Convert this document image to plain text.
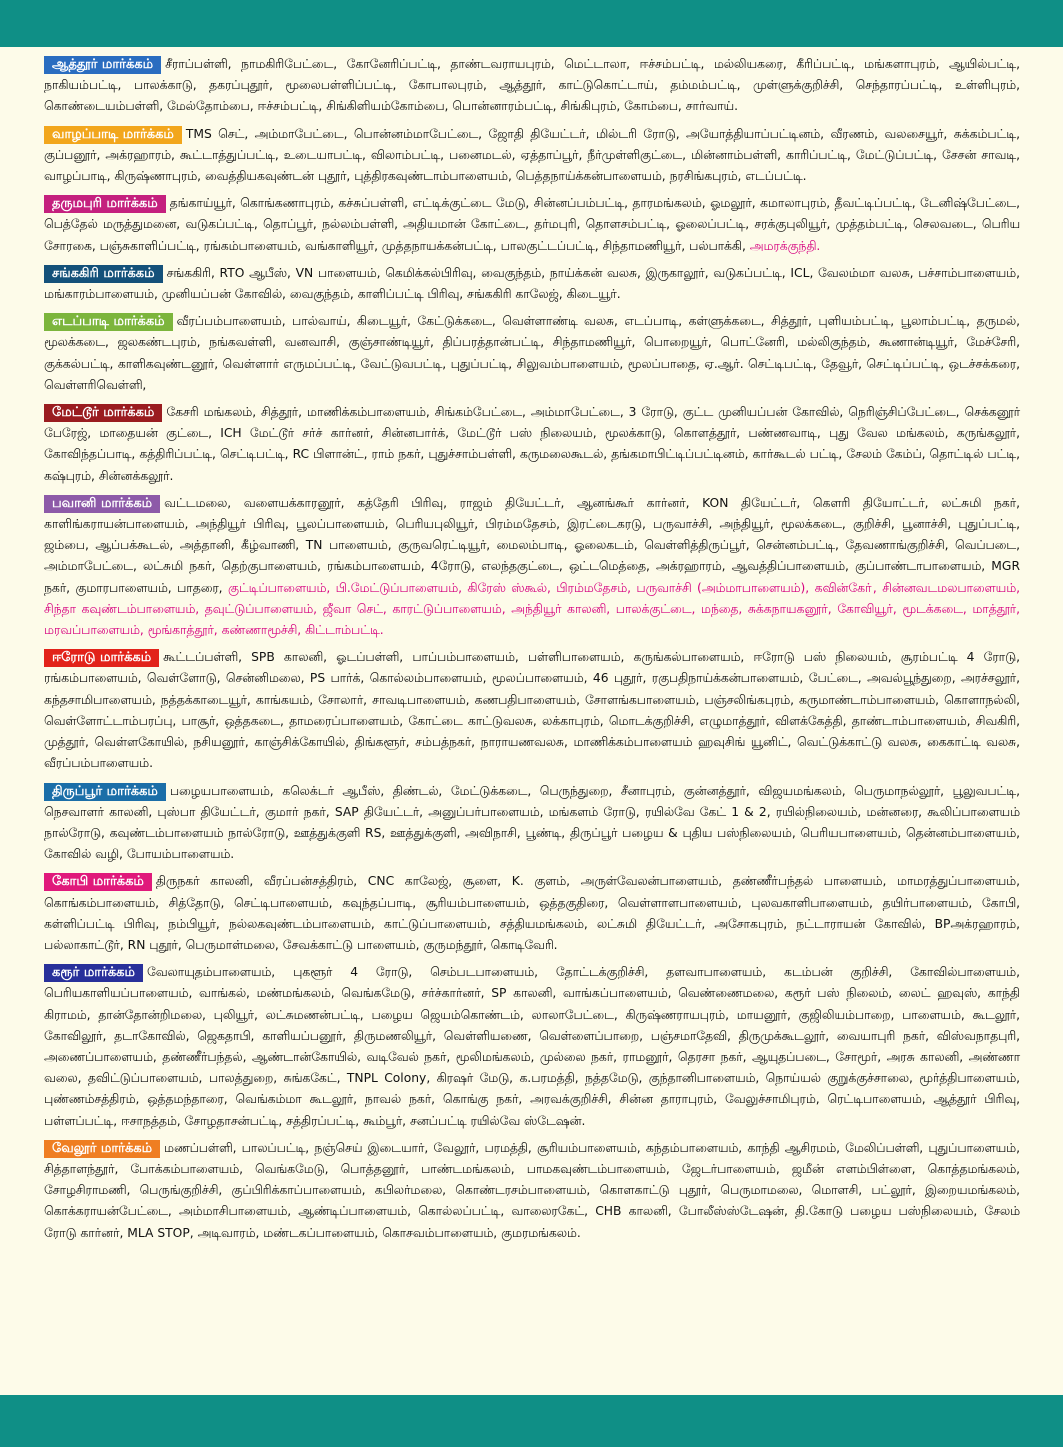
ஆத்தூர் மார்க்கம் சீராப்பள்ளி, நாமகிரிபேட்டை, கோனேரிப்பட்டி, தாண்டவராயபுரம், மெட்டாலா, ஈச்சம்பட்டி, மல்லியகரை, கீரிப்பட்டி, மங்களாபுரம், ஆயில்பட்டி, நாகியம்பட்டி, பாலக்காடு, தகரப்புதூர், மூலைபள்ளிப்பட்டி, கோபாலபுரம், ஆத்தூர், காட்டுகொட்டாய், தம்மம்பட்டி, முள்ளுக்குறிச்சி, செந்தாரப்பட்டி, உள்ளிபுரம், கொண்டையம்பள்ளி, மேல்தோம்பை, ஈச்சம்பட்டி, சிங்கிளியம்கோம்பை, பொன்னாரம்பட்டி, சிங்கிபுரம், கோம்பை, சார்வாய்.
வாழப்பாடி மார்க்கம் TMS செட், அம்மாபேட்டை, பொன்னம்மாபேட்டை, ஜோதி தியேட்டர், மில்டரி ரோடு, அயோத்தியாப்பட்டினம், வீரணம், வலசையூர், சுக்கம்பட்டி, குப்பனூர், அக்ரஹாரம், கூட்டாத்துப்பட்டி, உடையாபட்டி, விலாம்பட்டி, பனைமடல், ஏத்தாப்பூர், நீர்முள்ளிகுட்டை, மின்னாம்பள்ளி, காரிப்பட்டி, மேட்டுப்பட்டி, சேசன் சாவடி, வாழப்பாடி, கிருஷ்ணாபுரம், வைத்தியகவுண்டன் புதூர், புத்திரகவுண்டாம்பாளையம், பெத்தநாய்க்கன்பாளையம், நரசிங்கபுரம், எடப்பட்டி.
தருமபுரி மார்க்கம் தங்காய்யூர், கொங்கணாபுரம், கச்சுப்பள்ளி, எட்டிக்குட்டை மேடு, சின்னப்பம்பட்டி, தாரமங்கலம், ஓமலூர், கமாலாபுரம், தீவட்டிப்பட்டி, டேனிஷ்பேட்டை, பெத்தேல் மருத்துமனை, வடுகப்பட்டி, தொப்பூர், நல்லம்பள்ளி, அதியமான் கோட்டை, தர்மபுரி, தொளசம்பட்டி, ஓலைப்பட்டி, சரக்குபுலியூர், முத்தம்பட்டி, செலவடை, பெரிய சோரகை, பஞ்சுகாளிப்பட்டி, ரங்கம்பாளையம், வங்காளியூர், முத்தநாயக்கன்பட்டி, பாலகுட்டப்பட்டி, சிந்தாமணியூர், பல்பாக்கி, அமரக்குந்தி.
சங்ககிரி மார்க்கம் சங்ககிரி, RTO ஆபீஸ், VN பாளையம், கெமிக்கல்பிரிவு, வைகுந்தம், நாய்க்கன் வலசு, இருகாலூர், வடுகப்பட்டி, ICL, வேலம்மா வலசு, பச்சாம்பாளையம், மங்காரம்பாளையம், முனியப்பன் கோவில், வைகுந்தம், காளிப்பட்டி பிரிவு, சங்ககிரி காலேஜ், கிடையூர்.
எடப்பாடி மார்க்கம் வீரப்பம்பாளையம், பால்வாய், கிடையூர், கேட்டுக்கடை, வெள்ளாண்டி வலசு, எடப்பாடி, கள்ளுக்கடை, சித்தூர், புளியம்பட்டி, பூலாம்பட்டி, தருமல், மூலக்கடை, ஜலகண்டபுரம், நங்கவள்ளி, வனவாசி, குஞ்சாண்டியூர், திப்பரத்தான்பட்டி, சிந்தாமணியூர், பொறையூர், பொட்னேரி, மல்லிகுந்தம், கூணான்டியூர், மேச்சேரி, குக்கல்பட்டி, காளிகவுண்டனூர், வெள்ளார் எருமப்பட்டி, வேட்டுவபட்டி, புதுப்பட்டி, சிலுவம்பாளையம், மூலப்பாதை, ஏ.ஆர். செட்டிபட்டி, தேவூர், செட்டிப்பட்டி, ஒடச்சக்கரை, வெள்ளரிவெள்ளி,
மேட்டூர் மார்க்கம் கேசரி மங்கலம், சித்தூர், மாணிக்கம்பாளையம், சிங்கம்பேட்டை, அம்மாபேட்டை, 3 ரோடு, குட்ட முனியப்பன் கோவில், நெரிஞ்சிப்பேட்டை, செக்கனூர் பேரேஜ், மாதையன் குட்டை, ICH மேட்டூர் சர்ச் கார்னர், சின்னபார்க், மேட்டூர் பஸ் நிலையம், மூலக்காடு, கொளத்தூர், பண்ணவாடி, புது வேல மங்கலம், கருங்கலூர், கோவிந்தப்பாடி, கத்திரிப்பட்டி, செட்டிபட்டி, RC பிளான்ட், ராம் நகர், புதுச்சாம்பள்ளி, கருமலைகூடல், தங்கமாபிட்டிப்பட்டினம், கார்கூடல் பட்டி, சேலம் கேம்ப், தொட்டில் பட்டி, கஷ்புரம், சின்னக்கலூர்.
பவானி மார்க்கம் வட்டமலை, வளையக்காரனூர், கத்தேரி பிரிவு, ராஜம் தியேட்டர், ஆனங்கூர் கார்னர், KON தியேட்டர், கௌரி தியோட்டர், லட்சுமி நகர், காளிங்கராயன்பாளையம், அந்தியூர் பிரிவு, பூலப்பாளையம், பெரியபுலியூர், பிரம்மதேசம், இரட்டைகரடு, பருவாச்சி, அந்தியூர், மூலக்கடை, குறிச்சி, பூனாச்சி, புதுப்பட்டி, ஜம்பை, ஆப்பக்கூடல், அத்தானி, கீழ்வாணி, TN பாளையம், குருவரெட்டியூர், மைலம்பாடி, ஓலைகடம், வெள்ளித்திருப்பூர், சென்னம்பட்டி, தேவணாங்குறிச்சி, வெப்படை, அம்மாபேட்டை, லட்சுமி நகர், தெற்குபாளையம், ரங்கம்பாளையம், 4ரோடு, எலந்தகுட்டை, ஒட்டமெத்தை, அக்ரஹாரம், ஆவத்திப்பாளையம், குப்பாண்டாபாளையம், MGR நகர், குமாரபாளையம், பாதரை, குட்டிப்பாளையம், பி.மேட்டுப்பாளையம், கிரேஸ் ஸ்கூல், பிரம்மதேசம், பருவாச்சி (அம்மாபாளையம்), கவின்கோ், சின்னவடமலபாளையம், சிந்தா கவுண்டம்பாளையம், தவுட்டுப்பாளையம், ஜீவா செட், காரட்டுப்பாளையம், அந்தியூர் காலனி, பாலக்குட்டை, மந்தை, சுக்கநாயகனூர், கோவியூர், மூடக்கடை, மாத்தூர், மரவப்பாளையம், மூங்காத்தூர், கண்ணாமூச்சி, கிட்டாம்பட்டி.
ஈரோடு மார்க்கம் கூட்டப்பள்ளி, SPB காலனி, ஓடப்பள்ளி, பாப்பம்பாளையம், பள்ளிபாளையம், கருங்கல்பாளையம், ஈரோடு பஸ் நிலையம், சூரம்பட்டி 4 ரோடு, ரங்கம்பாளையம், வெள்ளோடு, சென்னிமலை, PS பார்க், கொல்லம்பாளையம், மூலப்பாளையம், 46 புதூர், ரகுபதிநாய்க்கன்பாளையம், பேட்டை, அவல்பூந்துறை, அரச்சலூர், கந்தசாமிபாளையம், நத்தக்காடையூர், காங்கயம், சோலார், சாவடிபாளையம், கணபதிபாளையம், சோளங்கபாளையம், பஞ்சலிங்கபுரம், கருமாண்டாம்பாளையம், கொளாநல்லி, வெள்ளோட்டாம்பரப்பு, பாசூர், ஒத்தகடை, தாமரைப்பாளையம், கோட்டை காட்டுவலசு, லக்காபுரம், மொடக்குறிச்சி, எழுமாத்தூர், விளக்கேத்தி, தாண்டாம்பாளையம், சிவகிரி, முத்தூர், வெள்ளகோயில், நசியனூர், காஞ்சிக்கோயில், திங்களூர், சம்பத்நகர், நாராயணவலசு, மாணிக்கம்பாளையம் ஹவுசிங் யூனிட், வெட்டுக்காட்டு வலசு, கைகாட்டி வலசு, வீரப்பம்பாளையம்.
திருப்பூர் மார்க்கம் பழையபாளையம், கலெக்டர் ஆபீஸ், திண்டல், மேட்டுக்கடை, பெருந்துறை, சீனாபுரம், குன்னத்தூர், விஜயமங்கலம், பெருமாநல்லூர், பூலுவபட்டி, நெசவாளர் காலனி, புஸ்பா தியேட்டர், குமார் நகர், SAP தியேட்டர், அனுப்பர்பாளையம், மங்களம் ரோடு, ரயில்வே கேட் 1 & 2, ரயில்நிலையம், மன்னரை, கூலிப்பாளையம் நால்ரோடு, கவுண்டம்பாளையம் நால்ரோடு, ஊத்துக்குளி RS, ஊத்துக்குளி, அவிநாசி, பூண்டி, திருப்பூர் பழைய & புதிய பஸ்நிலையம், பெரியபாளையம், தென்னம்பாளையம், கோவில் வழி, போயம்பாளையம்.
கோபி மார்க்கம் திருநகர் காலனி, வீரப்பன்சத்திரம், CNC காலேஜ், சூளை, K. குளம், அருள்வேலன்பாளையம், தண்ணீர்பந்தல் பாளையம், மாமரத்துப்பாளையம், கொங்கம்பாளையம், சித்தோடு, செட்டிபாளையம், கவுந்தப்பாடி, சூரியம்பாளையம், ஒத்தகுதிரை, வெள்ளாளபாளையம், புலவகாளிபாளையம், தயிர்பாளையம், கோபி, கள்ளிப்பட்டி பிரிவு, நம்பியூர், நல்லகவுண்டம்பாளையம், காட்டுப்பாளையம், சத்தியமங்கலம், லட்சுமி தியேட்டர், அசோகபுரம், நட்டாராயன் கோவில், BPஅக்ரஹாரம், பல்லாகாட்டூர், RN புதூர், பெருமாள்மலை, சேவக்காட்டு பாளையம், குருமந்தூர், கொடிவேரி.
கரூர் மார்க்கம் வேலாயுதம்பாளையம், புகளூர் 4 ரோடு, செம்படபாளையம், தோட்டக்குறிச்சி, தளவாபாளையம், கடம்பன் குறிச்சி, கோவில்பாளையம், பெரியகாளியப்பாளையம், வாங்கல், மண்மங்கலம், வெங்கமேடு, சர்ச்கார்னர், SP காலனி, வாங்கப்பாளையம், வெண்ணைமலை, கரூர் பஸ் நிலைம், லைட் ஹவுஸ், காந்தி கிராமம், தான்தோன்றிமலை, புலியூர், லட்சுமணன்பட்டி, பழைய ஜெயம்கொண்டம், லாலாபேட்டை, கிருஷ்ணராயபுரம், மாயனூர், குஜிலியம்பாறை, பாளையம், கூடலூர், கோவிலூர், தடாகோவில், ஜெகதாபி, காளியப்பனூர், திருமணலியூர், வெள்ளியணை, வெள்ளைப்பாறை, பஞ்சமாதேவி, திருமுக்கூடலூர், வையாபுரி நகர், விஸ்வநாதபுரி, அணைப்பாளையம், தண்ணீர்பந்தல், ஆண்டான்கோயில், வடிவேல் நகர், மூலிமங்கலம், முல்லை நகர், ராமனூர், தெரசா நகர், ஆயுதப்படை, சோமூர், அரசு காலனி, அண்ணா வலை, தவிட்டுப்பாளையம், பாலத்துறை, சுங்ககேட், TNPL Colony, கிரஷர் மேடு, க.பரமத்தி, நத்தமேடு, குந்தானிபாளையம், நொய்யல் குறுக்குச்சாலை, மூர்த்திபாளையம், புண்ணம்சத்திரம், ஒத்தமந்தாரை, வெங்கம்மா கூடலூர், நாவல் நகர், கொங்கு நகர், அரவக்குறிச்சி, சின்ன தாராபுரம், வேலுச்சாமிபுரம், ரெட்டிபாளையம், ஆத்தூர் பிரிவு, பள்ளப்பட்டி, ஈசாநத்தம், சோழதாசன்பட்டி, சத்திரப்பட்டி, கூம்பூர், சனப்பட்டி ரயில்வே ஸ்டேஷன்.
வேலூர் மார்க்கம் மணப்பள்ளி, பாலப்பட்டி, நஞ்செய் இடையார், வேலூர், பரமத்தி, சூரியம்பாளையம், கந்தம்பாளையம், காந்தி ஆசிரமம், மேலிப்பள்ளி, புதுப்பாளையம், சித்தாளந்தூர், போக்கம்பாளையம், வெங்கமேடு, பொத்தனூர், பாண்டமங்கலம், பாமகவுண்டம்பாளையம், ஜேடர்பாளையம், ஜமீன் எளம்பிள்ளை, கொத்தமங்கலம், சோழசிராமணி, பெருங்குறிச்சி, குப்பிரிக்காப்பாளையம், கபிலர்மலை, கொண்டரசம்பாளையம், கொளகாட்டு புதூர், பெருமாமலை, மொளசி, பட்லூர், இறையமங்கலம், கொக்கராயன்பேட்டை, அம்மாசிபாளையம், ஆண்டிப்பாளையம், கொல்லப்பட்டி, வாலைரகேட், CHB காலனி, போலீஸ்ஸ்டேஷன், தி.கோடு பழைய பஸ்நிலையம், சேலம் ரோடு கார்னர், MLA STOP, அடிவாரம், மண்டகப்பாளையம், கொசவம்பாளையம், குமரமங்கலம்.
